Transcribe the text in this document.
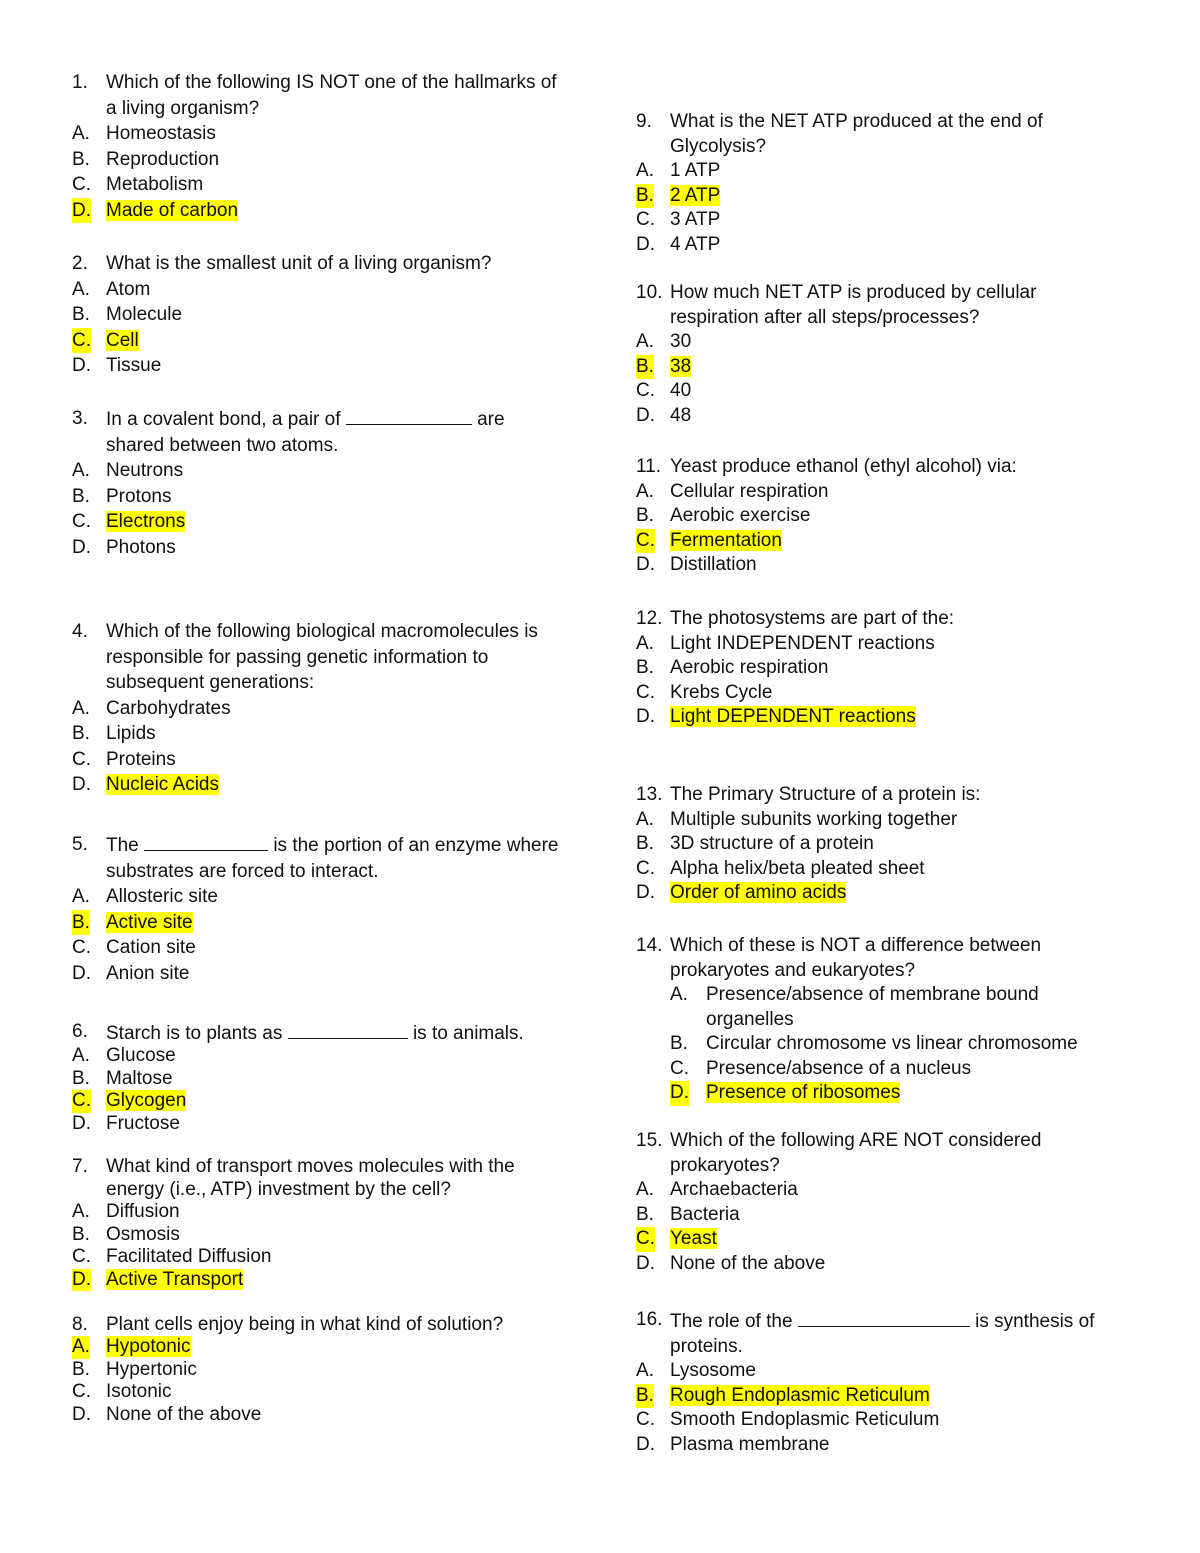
1. Which of the following IS NOT one of the hallmarks of a living organism?
A. Homeostasis
B. Reproduction
C. Metabolism
D. Made of carbon
2. What is the smallest unit of a living organism?
A. Atom
B. Molecule
C. Cell
D. Tissue
3. In a covalent bond, a pair of	are shared between two atoms.
A. Neutrons
B. Protons
C. Electrons
D. Photons
4. Which of the following biological macromolecules is responsible for passing genetic information to subsequent generations:
A. Carbohydrates
B. Lipids
C. Proteins
D. Nucleic Acids
5. The	is the portion of an enzyme where substrates are forced to interact.
A. Allosteric site
B. Active site
C. Cation site
D. Anion site
6. Starch is to plants as	is to animals.
A. Glucose
B. Maltose
C. Glycogen
D. Fructose
7. What kind of transport moves molecules with the energy (i.e., ATP) investment by the cell?
A. Diffusion
B. Osmosis
C. Facilitated Diffusion
D. Active Transport
8. Plant cells enjoy being in what kind of solution?
A. Hypotonic
B. Hypertonic
C. Isotonic
D. None of the above
9. What is the NET ATP produced at the end of Glycolysis?
A. 1 ATP
B. 2 ATP
C. 3 ATP
D. 4 ATP
10. How much NET ATP is produced by cellular respiration after all steps/processes?
A. 30
B. 38
C. 40
D. 48
11. Yeast produce ethanol (ethyl alcohol) via:
A. Cellular respiration
B. Aerobic exercise
C. Fermentation
D. Distillation
12. The photosystems are part of the:
A. Light INDEPENDENT reactions
B. Aerobic respiration
C. Krebs Cycle
D. Light DEPENDENT reactions
13. The Primary Structure of a protein is:
A. Multiple subunits working together
B. 3D structure of a protein
C. Alpha helix/beta pleated sheet
D. Order of amino acids
14. Which of these is NOT a difference between prokaryotes and eukaryotes?
A. Presence/absence of membrane bound organelles
B. Circular chromosome vs linear chromosome
C. Presence/absence of a nucleus
D. Presence of ribosomes
15. Which of the following ARE NOT considered prokaryotes?
A. Archaebacteria
B. Bacteria
C. Yeast
D. None of the above
16. The role of the	is synthesis of proteins.
A. Lysosome
B. Rough Endoplasmic Reticulum
C. Smooth Endoplasmic Reticulum
D. Plasma membrane
